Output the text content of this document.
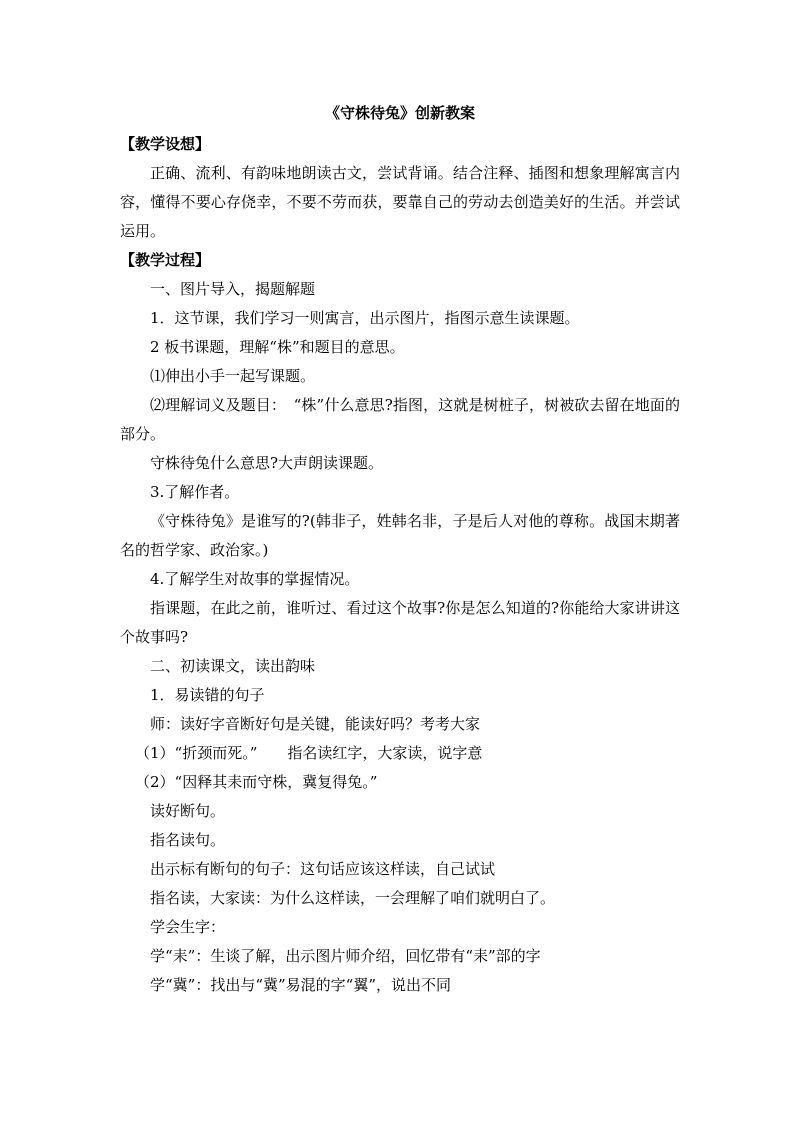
《守株待兔》创新教案
【教学设想】

正确、流利、有韵味地朗读古文，尝试背诵。结合注释、插图和想象理解寓言内容，懂得不要心存侥幸，不要不劳而获，要靠自己的劳动去创造美好的生活。并尝试运用。

【教学过程】

一、图片导入，揭题解题

1．这节课，我们学习一则寓言，出示图片，指图示意生读课题。

2 板书课题，理解“株”和题目的意思。

⑴伸出小手一起写课题。

⑵理解词义及题目：　“株”什么意思?指图，这就是树桩子，树被砍去留在地面的部分。

守株待兔什么意思?大声朗读课题。

3.了解作者。

《守株待兔》是谁写的?(韩非子，姓韩名非，子是后人对他的尊称。战国末期著名的哲学家、政治家。)

4.了解学生对故事的掌握情况。

指课题，在此之前，谁听过、看过这个故事?你是怎么知道的?你能给大家讲讲这个故事吗?

二、初读课文，读出韵味

1．易读错的句子

师：读好字音断好句是关键，能读好吗？考考大家

（1）“折颈而死。”　　指名读红字，大家读，说字意

（2）“因释其耒而守株，冀复得兔。”

读好断句。

指名读句。

出示标有断句的句子：这句话应该这样读，自己试试

指名读，大家读：为什么这样读，一会理解了咱们就明白了。

学会生字：

学“耒”：生谈了解，出示图片师介绍，回忆带有“耒”部的字

学“冀”：找出与“冀”易混的字“翼”，说出不同
